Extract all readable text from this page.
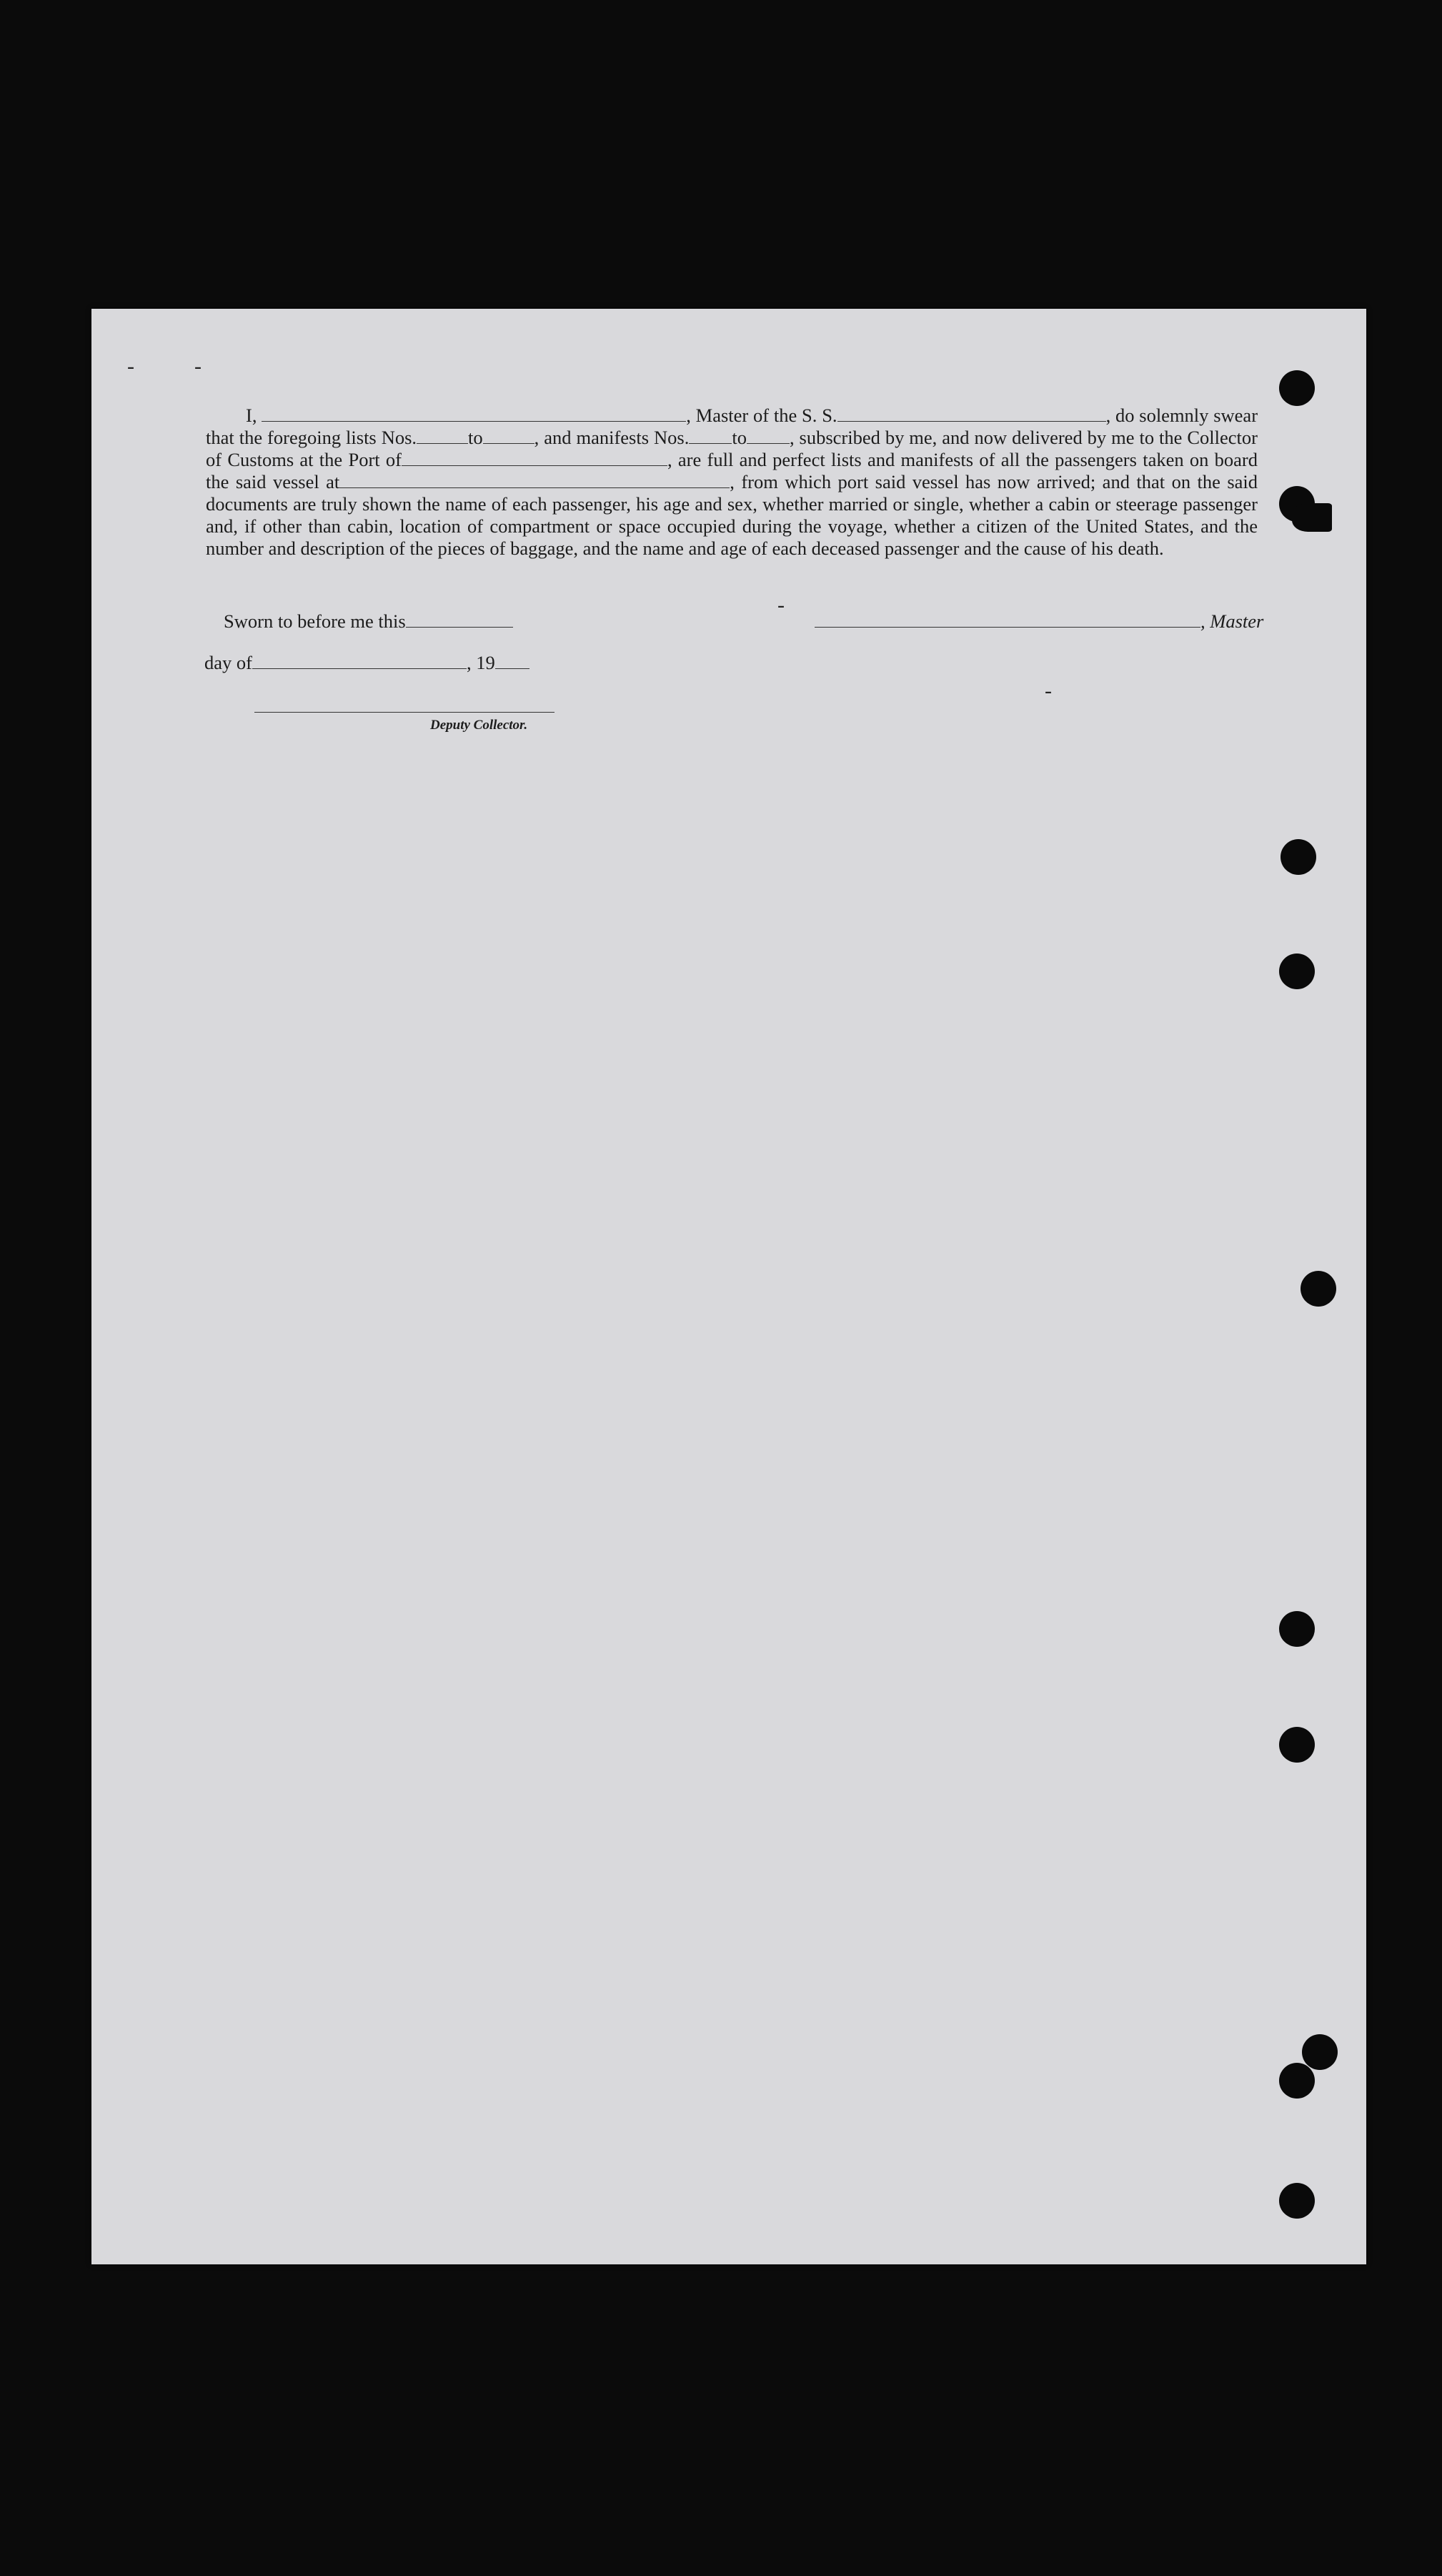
I,	, Master of the S. S.	, do solemnly swear that the foregoing lists Nos.	to	, and manifests Nos. to , subscribed by me, and now delivered by me to the Collector of Customs at the Port of	, are full and perfect lists and manifests of all the passengers taken on board the said vessel at	, from which port said vessel has now arrived; and that on the said documents are truly shown the name of each passenger, his age and sex, whether married or single, whether a cabin or steerage passenger and, if other than cabin, location of compartment or space occupied during the voyage, whether a citizen of the United States, and the number and description of the pieces of baggage, and the name and age of each deceased passenger and the cause of his death.
Sworn to before me this	, Master
day of	, 19
Deputy Collector.
-	-
-
-
